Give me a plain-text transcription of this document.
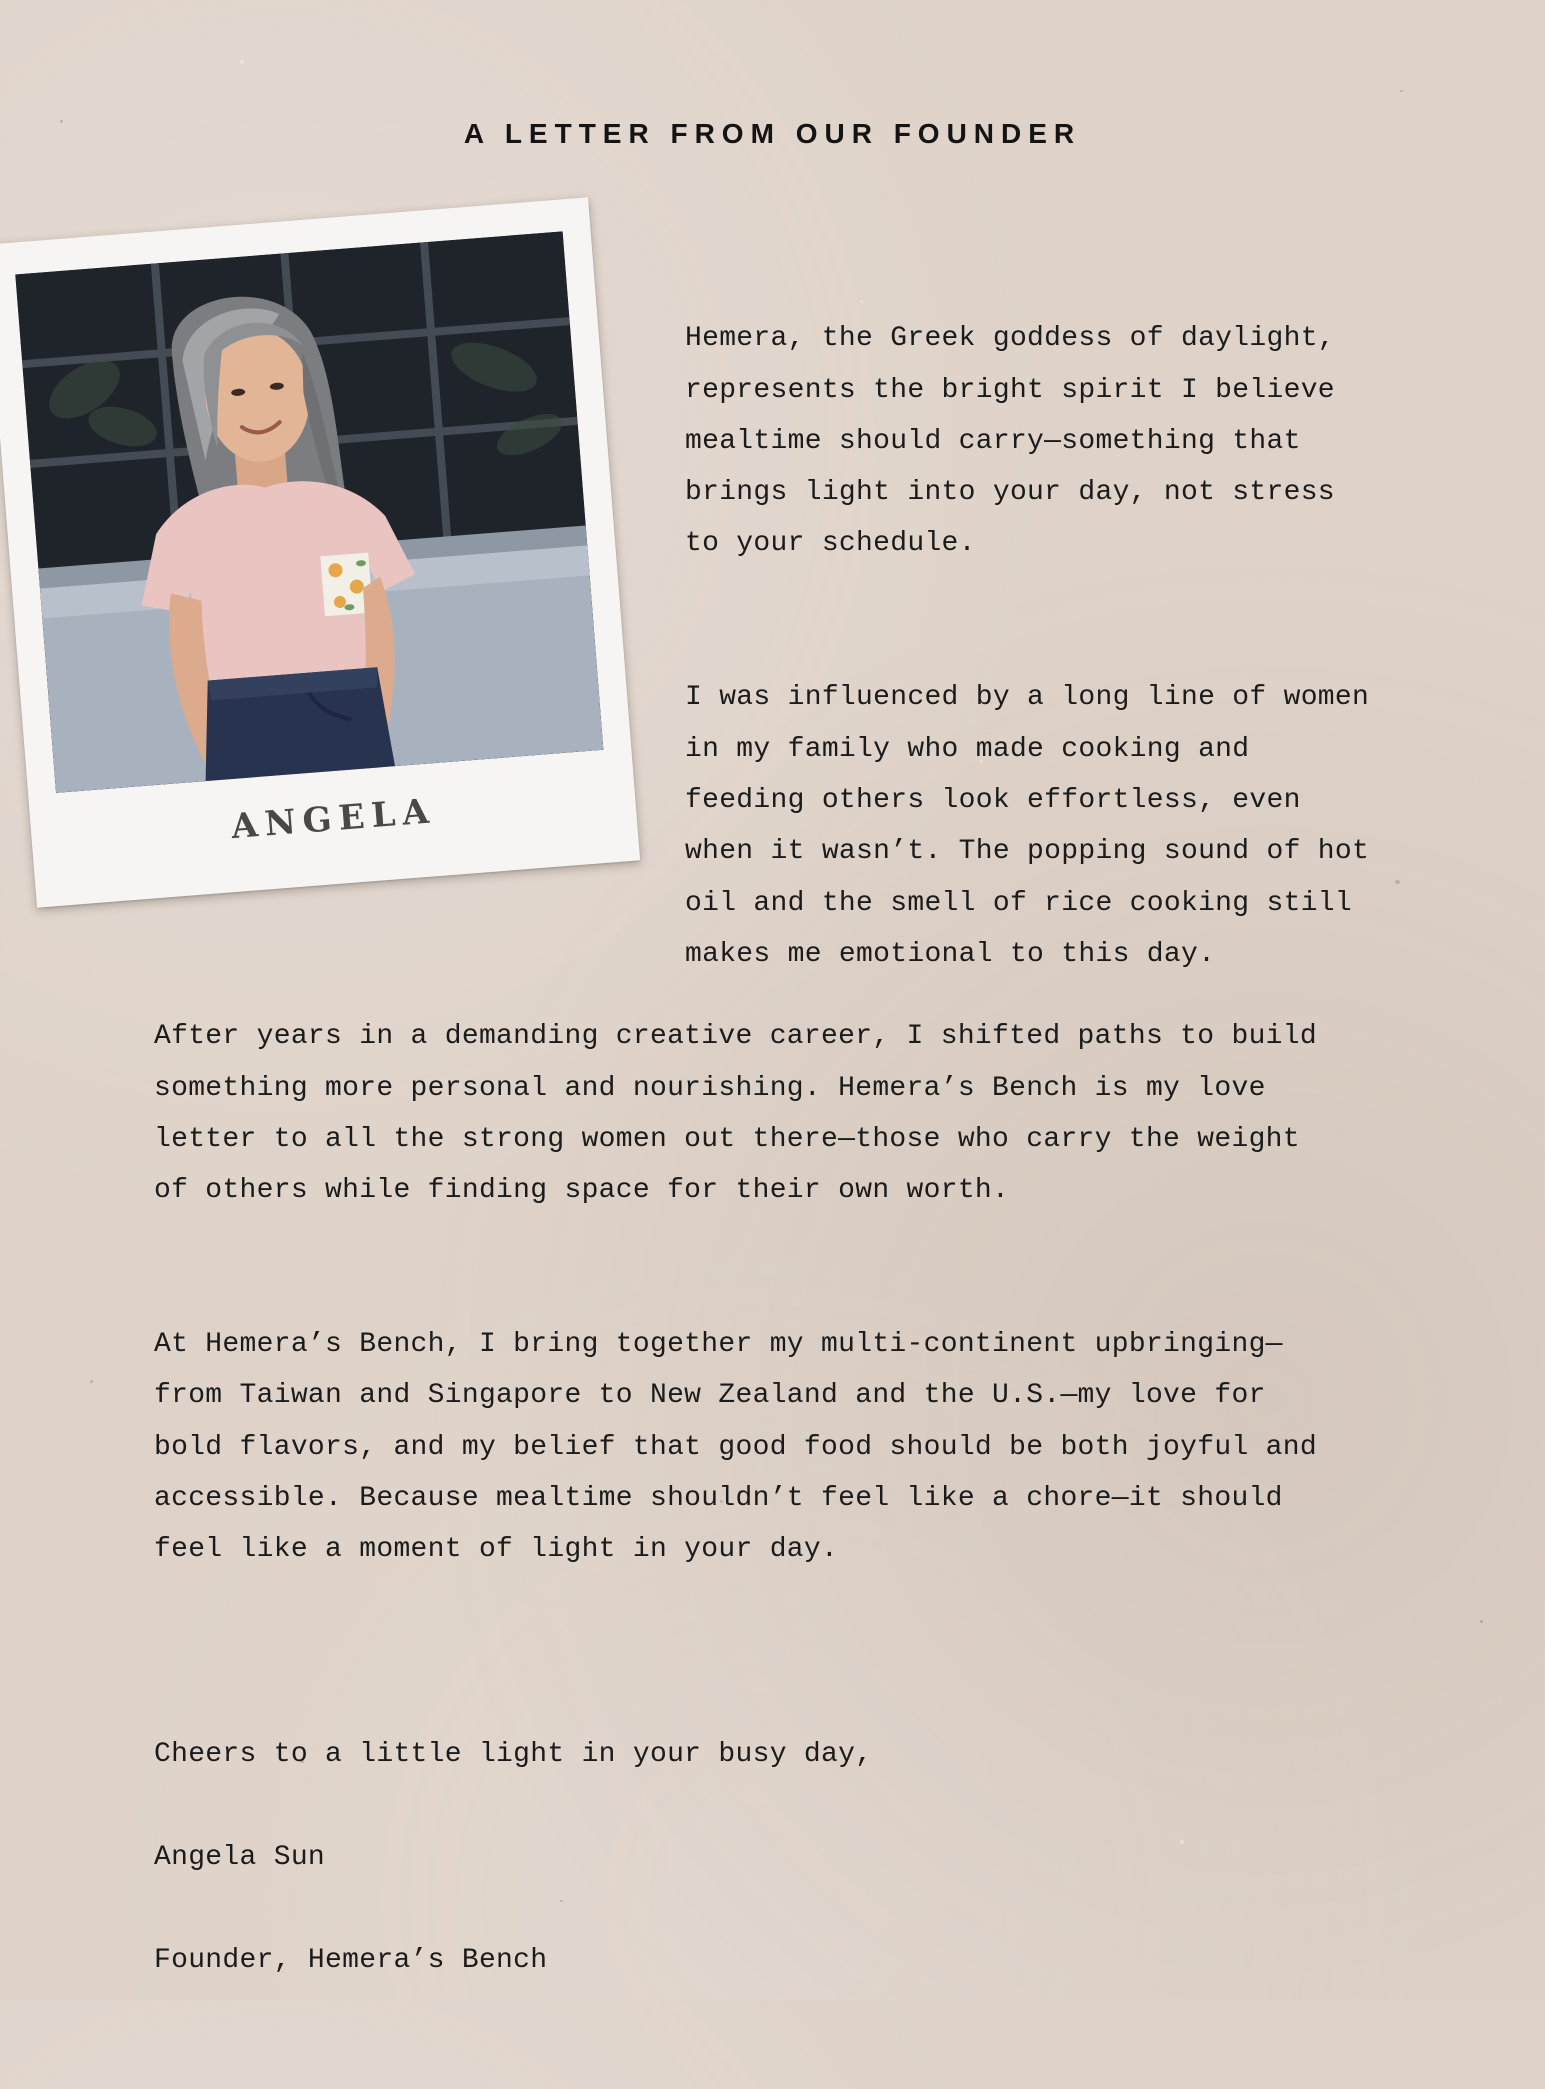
A LETTER FROM OUR FOUNDER
ANGELA

Hemera, the Greek goddess of daylight,
represents the bright spirit I believe
mealtime should carry—something that
brings light into your day, not stress
to your schedule.

I was influenced by a long line of women
in my family who made cooking and
feeding others look effortless, even
when it wasn’t. The popping sound of hot
oil and the smell of rice cooking still
makes me emotional to this day.

After years in a demanding creative career, I shifted paths to build
something more personal and nourishing. Hemera’s Bench is my love
letter to all the strong women out there—those who carry the weight
of others while finding space for their own worth.

At Hemera’s Bench, I bring together my multi-continent upbringing—
from Taiwan and Singapore to New Zealand and the U.S.—my love for
bold flavors, and my belief that good food should be both joyful and
accessible. Because mealtime shouldn’t feel like a chore—it should
feel like a moment of light in your day.

Cheers to a little light in your busy day,

Angela Sun

Founder, Hemera’s Bench
